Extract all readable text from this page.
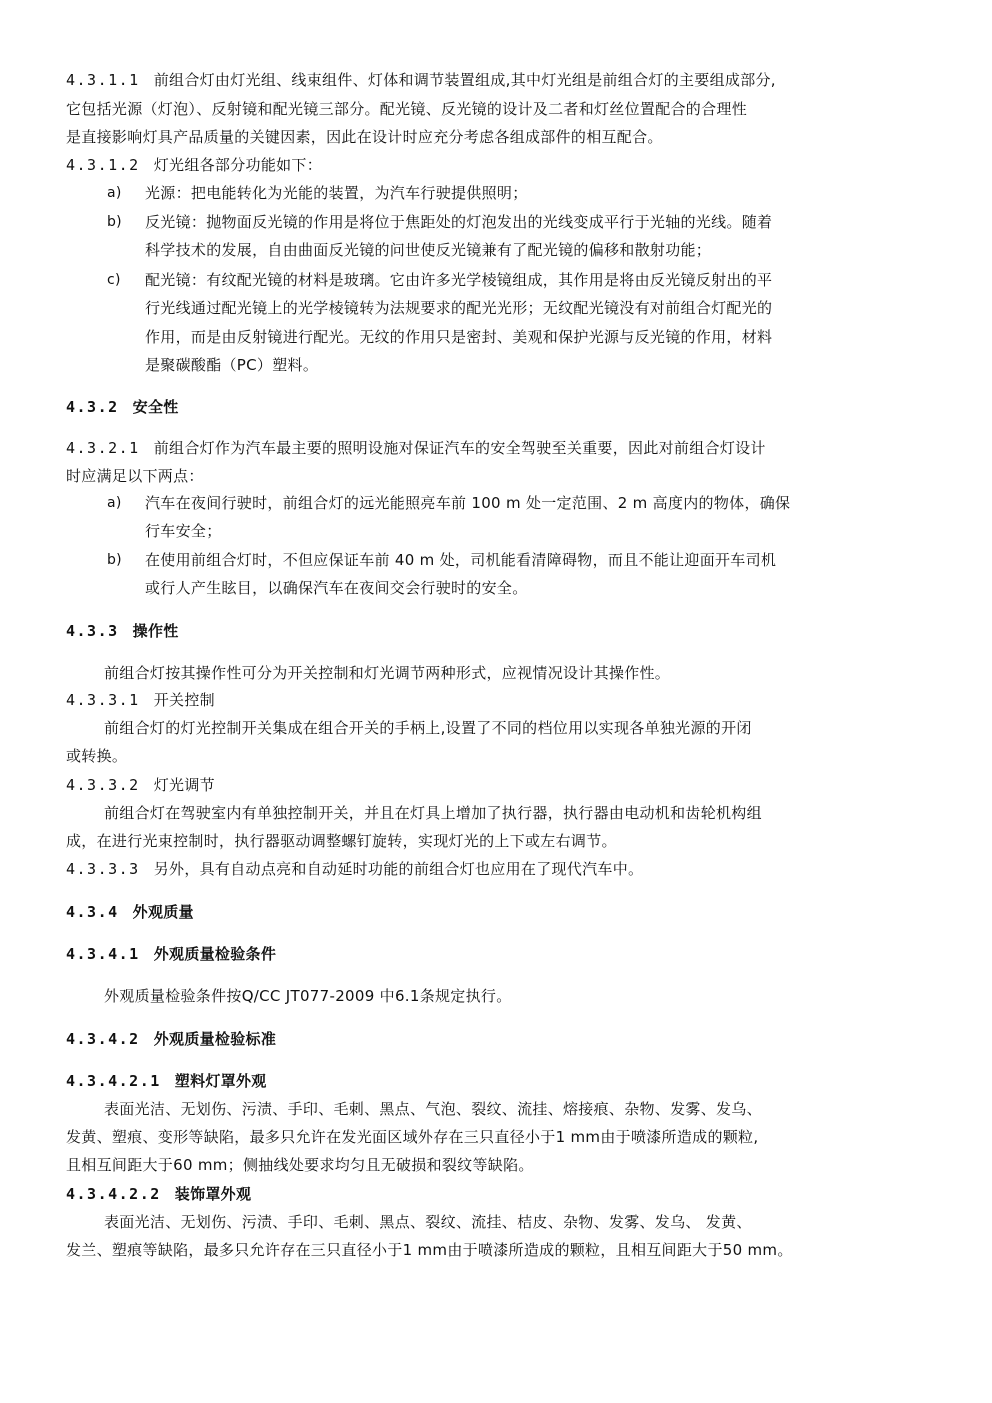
4.3.1.1 前组合灯由灯光组、线束组件、灯体和调节装置组成,其中灯光组是前组合灯的主要组成部分,
它包括光源（灯泡）、反射镜和配光镜三部分。配光镜、反光镜的设计及二者和灯丝位置配合的合理性
是直接影响灯具产品质量的关键因素，因此在设计时应充分考虑各组成部件的相互配合。
4.3.1.2 灯光组各部分功能如下：
a) 光源：把电能转化为光能的装置，为汽车行驶提供照明；
b) 反光镜：抛物面反光镜的作用是将位于焦距处的灯泡发出的光线变成平行于光轴的光线。随着
科学技术的发展，自由曲面反光镜的问世使反光镜兼有了配光镜的偏移和散射功能；
c) 配光镜：有纹配光镜的材料是玻璃。它由许多光学棱镜组成，其作用是将由反光镜反射出的平
行光线通过配光镜上的光学棱镜转为法规要求的配光光形；无纹配光镜没有对前组合灯配光的
作用，而是由反射镜进行配光。无纹的作用只是密封、美观和保护光源与反光镜的作用，材料
是聚碳酸酯（PC）塑料。
4.3.2 安全性
4.3.2.1 前组合灯作为汽车最主要的照明设施对保证汽车的安全驾驶至关重要，因此对前组合灯设计
时应满足以下两点：
a) 汽车在夜间行驶时，前组合灯的远光能照亮车前 100 m 处一定范围、2 m 高度内的物体，确保
行车安全；
b) 在使用前组合灯时，不但应保证车前 40 m 处，司机能看清障碍物，而且不能让迎面开车司机
或行人产生眩目，以确保汽车在夜间交会行驶时的安全。
4.3.3 操作性
前组合灯按其操作性可分为开关控制和灯光调节两种形式，应视情况设计其操作性。
4.3.3.1 开关控制
前组合灯的灯光控制开关集成在组合开关的手柄上,设置了不同的档位用以实现各单独光源的开闭
或转换。
4.3.3.2 灯光调节
前组合灯在驾驶室内有单独控制开关，并且在灯具上增加了执行器，执行器由电动机和齿轮机构组
成，在进行光束控制时，执行器驱动调整螺钉旋转，实现灯光的上下或左右调节。
4.3.3.3 另外，具有自动点亮和自动延时功能的前组合灯也应用在了现代汽车中。
4.3.4 外观质量
4.3.4.1 外观质量检验条件
外观质量检验条件按Q/CC JT077-2009 中6.1条规定执行。
4.3.4.2 外观质量检验标准
4.3.4.2.1 塑料灯罩外观
表面光洁、无划伤、污渍、手印、毛刺、黑点、气泡、裂纹、流挂、熔接痕、杂物、发雾、发乌、
发黄、塑痕、变形等缺陷，最多只允许在发光面区域外存在三只直径小于1 mm由于喷漆所造成的颗粒,
且相互间距大于60 mm；侧抽线处要求均匀且无破损和裂纹等缺陷。
4.3.4.2.2 装饰罩外观
表面光洁、无划伤、污渍、手印、毛刺、黑点、裂纹、流挂、桔皮、杂物、发雾、发乌、 发黄、
发兰、塑痕等缺陷，最多只允许存在三只直径小于1 mm由于喷漆所造成的颗粒，且相互间距大于50 mm。
